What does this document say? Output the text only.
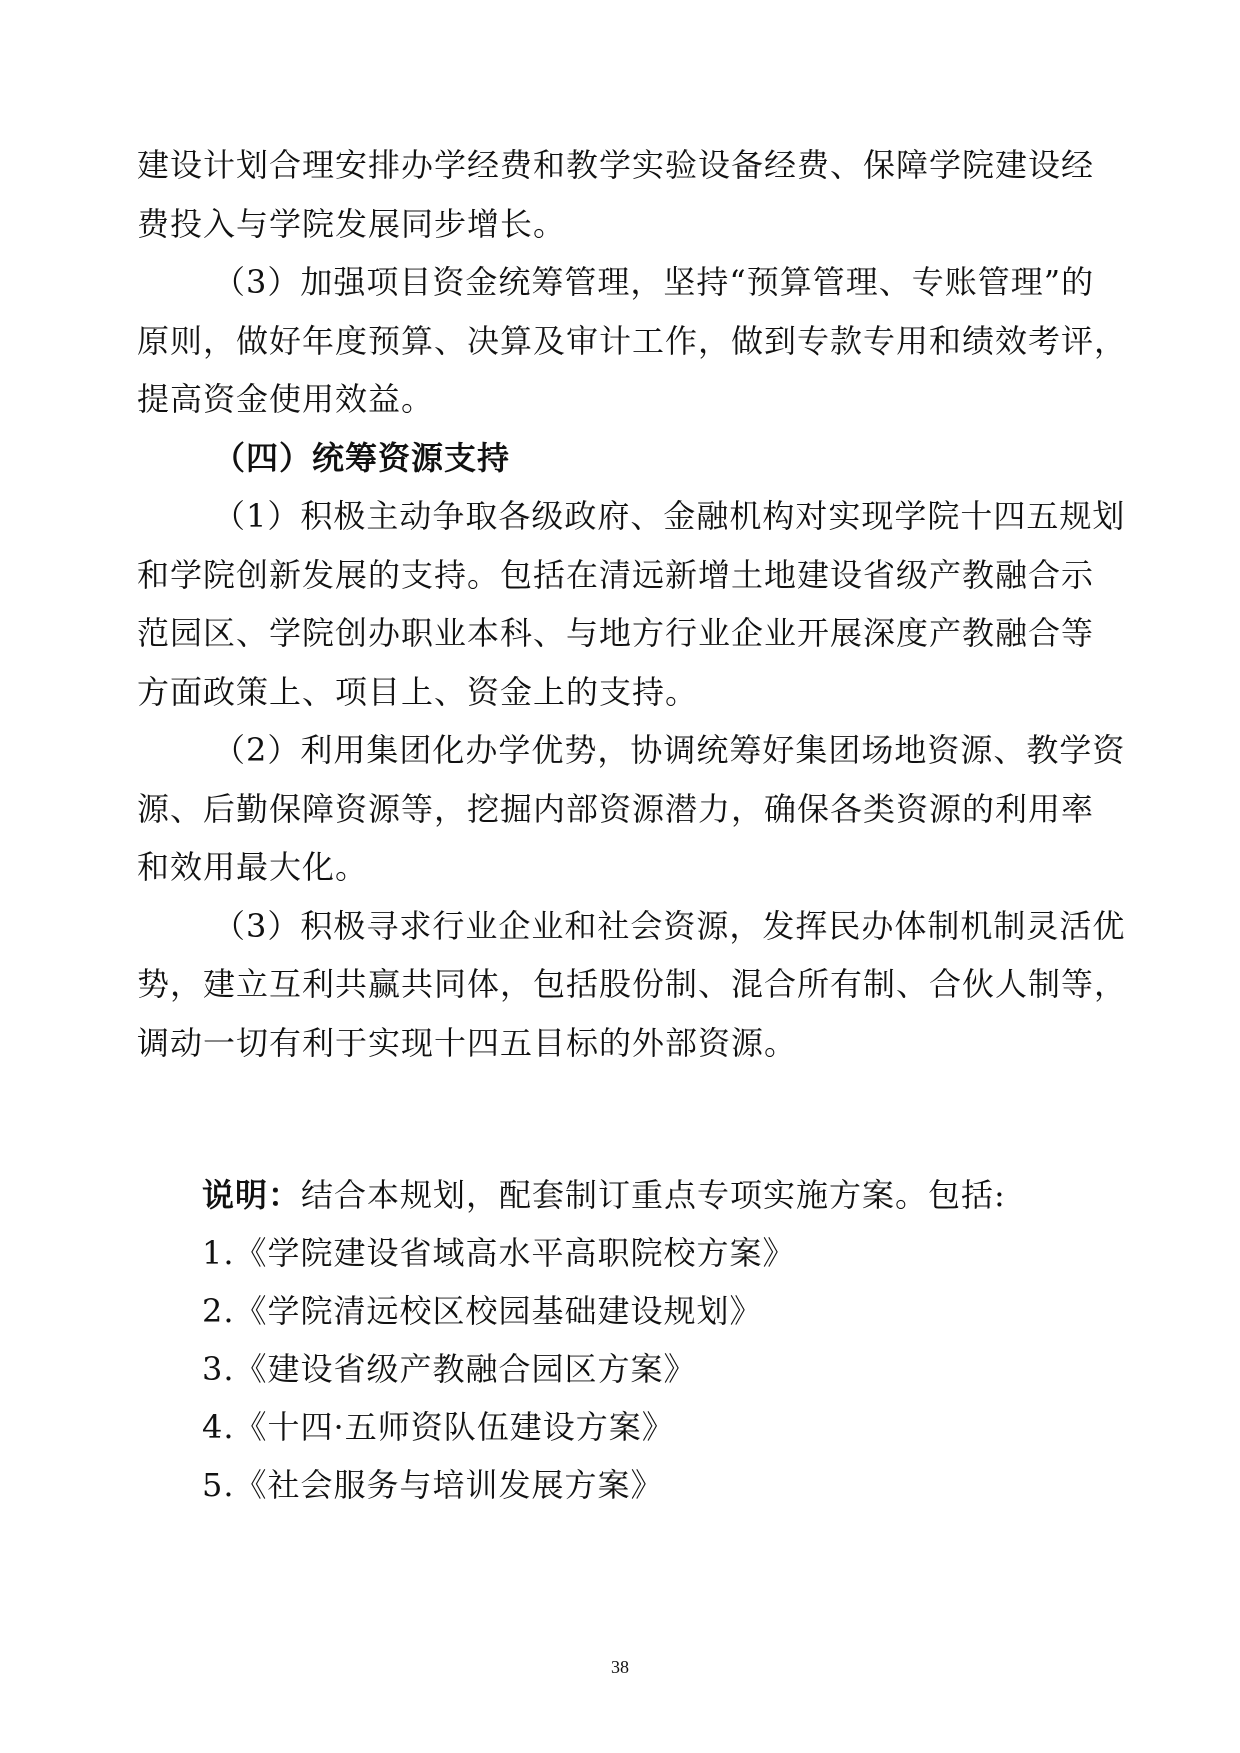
建设计划合理安排办学经费和教学实验设备经费、保障学院建设经
费投入与学院发展同步增长。
（3）加强项目资金统筹管理，坚持“预算管理、专账管理”的
原则，做好年度预算、决算及审计工作，做到专款专用和绩效考评，
提高资金使用效益。
（四）统筹资源支持
（1）积极主动争取各级政府、金融机构对实现学院十四五规划
和学院创新发展的支持。包括在清远新增土地建设省级产教融合示
范园区、学院创办职业本科、与地方行业企业开展深度产教融合等
方面政策上、项目上、资金上的支持。
（2）利用集团化办学优势，协调统筹好集团场地资源、教学资
源、后勤保障资源等，挖掘内部资源潜力，确保各类资源的利用率
和效用最大化。
（3）积极寻求行业企业和社会资源，发挥民办体制机制灵活优
势，建立互利共赢共同体，包括股份制、混合所有制、合伙人制等，
调动一切有利于实现十四五目标的外部资源。
说明：结合本规划，配套制订重点专项实施方案。包括:
1.《学院建设省域高水平高职院校方案》
2.《学院清远校区校园基础建设规划》
3.《建设省级产教融合园区方案》
4.《十四·五师资队伍建设方案》
5.《社会服务与培训发展方案》
38
